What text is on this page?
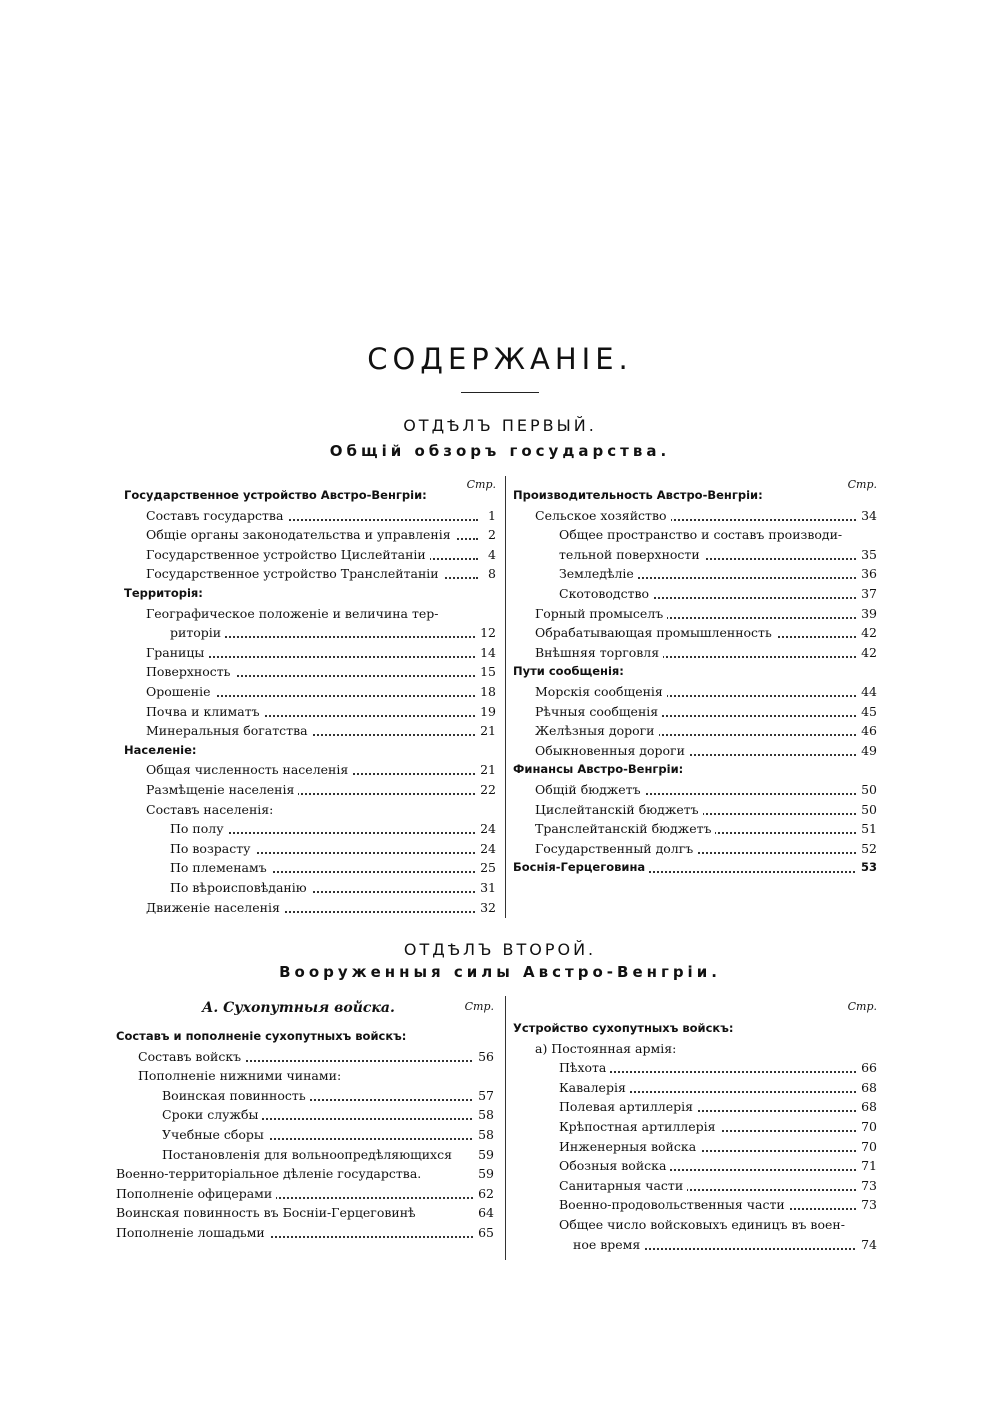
СОДЕРЖАНІЕ.
ОТДѢЛЪ ПЕРВЫЙ.
Общій обзоръ государства.
Стр.
Государственное устройство Австро-Венгріи:
Составъ государства	1
Общіе органы законодательства и управленія	2
Государственное устройство Цислейтаніи	4
Государственное устройство Транслейтаніи	8
Территорія:
Географическое положеніе и величина тер-
риторіи	12
Границы	14
Поверхность	15
Орошеніе	18
Почва и климатъ	19
Минеральныя богатства	21
Населеніе:
Общая численность населенія	21
Размѣщеніе населенія	22
Составъ населенія:
По полу	24
По возрасту	24
По племенамъ	25
По вѣроисповѣданію	31
Движеніе населенія	32
Стр.
Производительность Австро-Венгріи:
Сельское хозяйство	34
Общее пространство и составъ производи-
тельной поверхности	35
Земледѣліе	36
Скотоводство	37
Горный промыселъ	39
Обрабатывающая промышленность	42
Внѣшняя торговля	42
Пути сообщенія:
Морскія сообщенія	44
Рѣчныя сообщенія	45
Желѣзныя дороги	46
Обыкновенныя дороги	49
Финансы Австро-Венгріи:
Общій бюджетъ	50
Цислейтанскій бюджетъ	50
Транслейтанскій бюджетъ	51
Государственный долгъ	52
Боснія-Герцеговина	53
ОТДѢЛЪ ВТОРОЙ.
Вооруженныя силы Австро-Венгріи.
А. Сухопутныя войска.	Стр.
Составъ и пополненіе сухопутныхъ войскъ:
Составъ войскъ	56
Пополненіе нижними чинами:
Воинская повинность	57
Сроки службы	58
Учебные сборы	58
Постановленія для вольноопредѣляющихся	59
Военно-территоріальное дѣленіе государства.	59
Пополненіе офицерами	62
Воинская повинность въ Босніи-Герцеговинѣ	64
Пополненіе лошадьми	65
Стр.
Устройство сухопутныхъ войскъ:
а) Постоянная армія:
Пѣхота	66
Кавалерія	68
Полевая артиллерія	68
Крѣпостная артиллерія	70
Инженерныя войска	70
Обозныя войска	71
Санитарныя части	73
Военно-продовольственныя части	73
Общее число войсковыхъ единицъ въ воен-
ное время	74
